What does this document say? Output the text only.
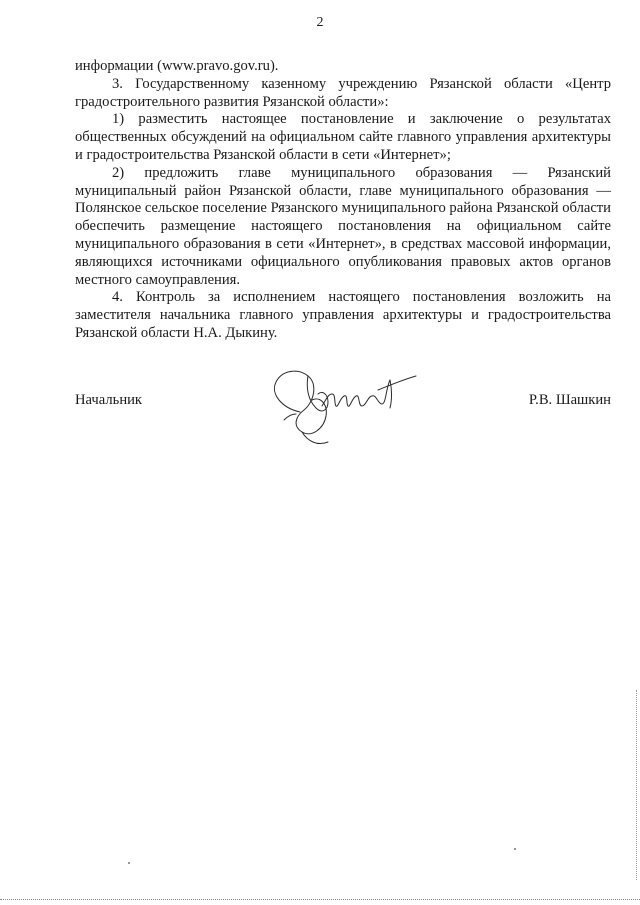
2

информации (www.pravo.gov.ru).

3. Государственному казенному учреждению Рязанской области «Центр градостроительного развития Рязанской области»:

1) разместить настоящее постановление и заключение о результатах общественных обсуждений на официальном сайте главного управления архитектуры и градостроительства Рязанской области в сети «Интернет»;

2) предложить главе муниципального образования — Рязанский муниципальный район Рязанской области, главе муниципального образования — Полянское сельское поселение Рязанского муниципального района Рязанской области обеспечить размещение настоящего постановления на официальном сайте муниципального образования в сети «Интернет», в средствах массовой информации, являющихся источниками официального опубликования правовых актов органов местного самоуправления.

4. Контроль за исполнением настоящего постановления возложить на заместителя начальника главного управления архитектуры и градостроительства Рязанской области Н.А. Дыкину.

Начальник	Р.В. Шашкин
